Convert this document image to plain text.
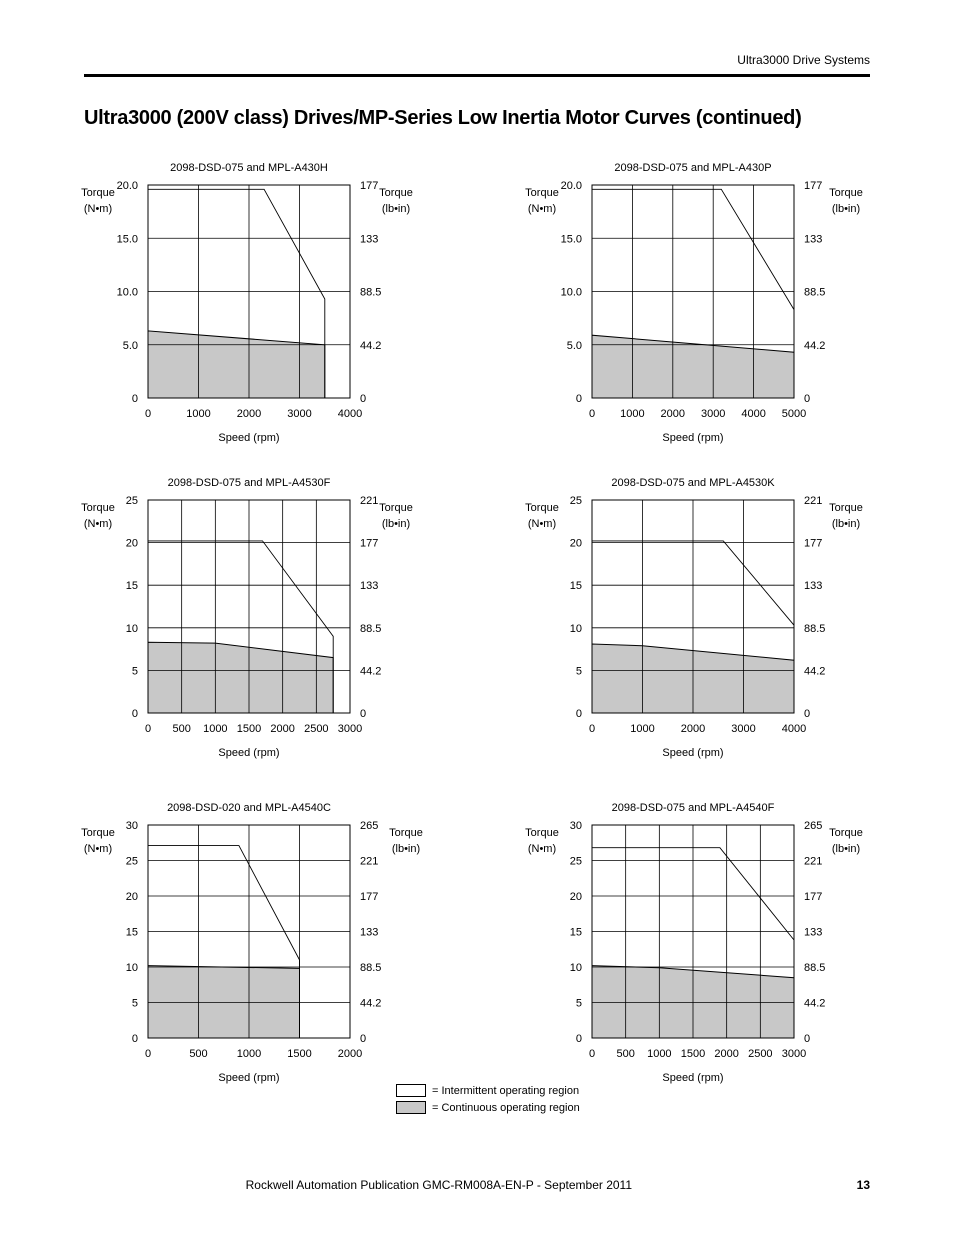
Ultra3000 Drive Systems
Ultra3000 (200V class) Drives/MP-Series Low Inertia Motor Curves (continued)
2098-DSD-075 and MPL-A430H
Torque
(N•m)
Torque
(lb•in)
0	1000 2000 3000 4000
0
5.0
10.0
15.0
20.0
0
44.2
88.5
133
177
Speed (rpm)
2098-DSD-075 and MPL-A430P
Torque
(N•m)
Torque
(lb•in)
0 1000 2000 3000 4000 5000
0
5.0
10.0
15.0
20.0
0
44.2
88.5
133
177
Speed (rpm)
2098-DSD-075 and MPL-A4530F
Torque
(N•m)
Torque
(lb•in)
0 500 1000 1500 2000 2500 3000
0
5
10
15
20
25
0
44.2
88.5
133
177
221
Speed (rpm)
2098-DSD-075 and MPL-A4530K
Torque
(N•m)
Torque
(lb•in)
0	1000 2000 3000 4000
0
5
10
15
20
25
0
44.2
88.5
133
177
221
Speed (rpm)
2098-DSD-020 and MPL-A4540C
Torque
(N•m)
Torque
(lb•in)
0	500	1000 1500 2000
0
5
10
15
20
25
30
0
44.2
88.5
133
177
221
265
Speed (rpm)
2098-DSD-075 and MPL-A4540F
Torque
(N•m)
Torque
(lb•in)
0 500 1000 1500 2000 2500 3000
0
5
10
15
20
25
30
0
44.2
88.5
133
177
221
265
Speed (rpm)
= Intermittent operating region
= Continuous operating region
Rockwell Automation Publication GMC-RM008A-EN-P - September 2011	13
